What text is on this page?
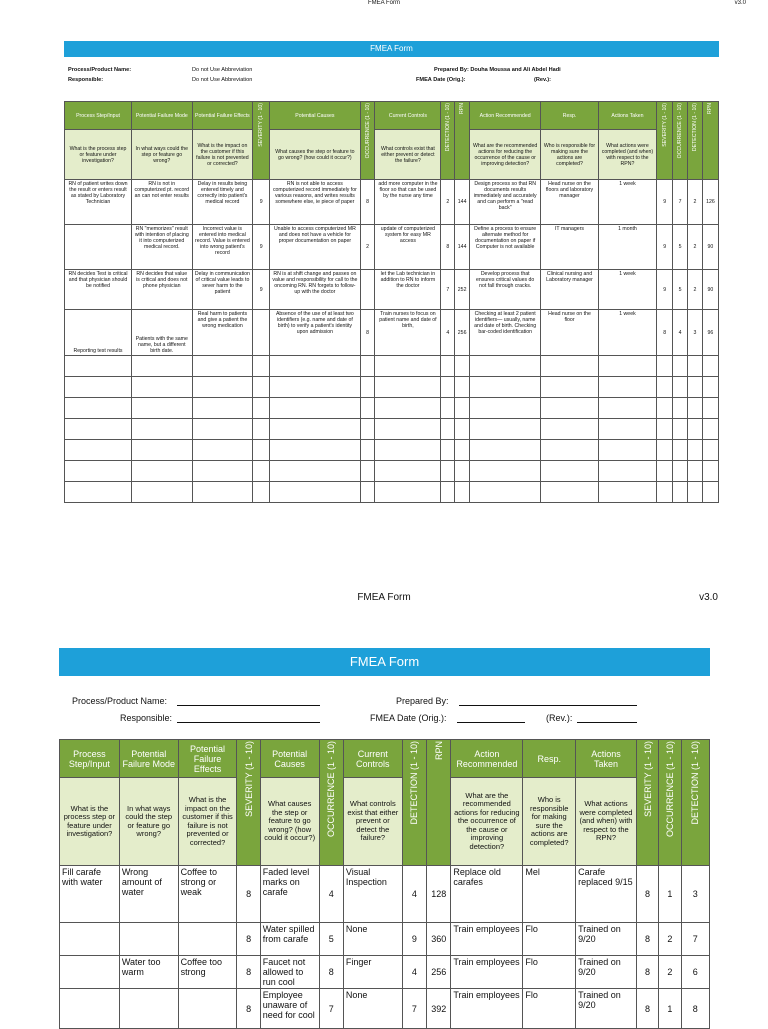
FMEA Form	v3.0
FMEA Form
Process/Product Name:	Do not Use Abbreviation	Prepared By: Douha Moussa and Ali Abdel Hadi
Responsible:	Do not Use Abbreviation	FMEA Date (Orig.):	(Rev.):
Process Step/Input	Potential Failure Mode	Potential Failure Effects	SEVERITY (1 - 10)	Potential Causes	OCCURRENCE (1 - 10)	Current Controls	DETECTION (1 - 10)	RPN	Action Recommended	Resp.	Actions Taken	SEVERITY (1 - 10)	OCCURRENCE (1 - 10)	DETECTION (1 - 10)	RPN

What is the process step or feature under investigation?	In what ways could the step or feature go wrong?	What is the impact on the customer if this failure is not prevented or corrected?		What causes the step or feature to go wrong? (how could it occur?)		What controls exist that either prevent or detect the failure?			What are the recommended actions for reducing the occurrence of the cause or improving detection?	Who is responsible for making sure the actions are completed?	What actions were completed (and when) with respect to the RPN?				
RN of patient writes down the result or enters result as stated by Laboratory Technician	RN is not in computerized pt. record an can not enter results	Delay in results being entered timely and correctly into patient's medical record	9	RN is not able to access computerized record immediately for various reasons, and writes results somewhere else, ie piece of paper	8	add more computer in the floor so that can be used by the nurse any time	2	144	Design process so that RN documents results immediately and accurately and can perform a "read back"	Head nurse on the floors and laboratory manager	1 week	9	7	2	126
	RN "memorizes" result with intention of placing it into computerized medical record.	Incorrect value is entered into medical record. Value is entered into wrong patient's record	9	Unable to access computerized MR and does not have a vehicle for proper documentation on paper	2	update of computerized system for easy MR access	8	144	Define a process to ensure alternate method for documentation on paper if Computer is not available	IT managers	1 month	9	5	2	90
RN decides Test is critical and that physician should be notified	RN decides that value is critical and does not phone physician	Delay in communication of critical value leads to sever harm to the patient	9	RN is at shift change and passes on value and responsibility for call to the oncoming RN. RN forgets to follow-up with the doctor		let the Lab technician in addition to RN to inform the doctor	7	252	Develop process that ensures critical values do not fall through cracks.	Clinical nursing and Laboratory manager	1 week	9	5	2	90
Reporting test results	Patients with the same name, but a different birth date.	Real harm to patients and give a patient the wrong medication		Absence of the use of at least two identifiers (e.g. name and date of birth) to verify a patient's identity upon admission	8	Train nurses to focus on patient name and date of birth,	4	256	Checking at least 2 patient identifiers— usually, name and date of birth. Checking bar-coded identification	Head nurse on the floor	1 week	8	4	3	96

FMEA Form	v3.0
FMEA Form
Process/Product Name:	Prepared By:
Responsible:	FMEA Date (Orig.):	(Rev.):
Process Step/Input	Potential Failure Mode	Potential Failure Effects	SEVERITY (1 - 10)	Potential Causes	OCCURRENCE (1 - 10)	Current Controls	DETECTION (1 - 10)	RPN	Action Recommended	Resp.	Actions Taken	SEVERITY (1 - 10)	OCCURRENCE (1 - 10)	DETECTION (1 - 10)

What is the process step or feature under investigation?	In what ways could the step or feature go wrong?	What is the impact on the customer if this failure is not prevented or corrected?		What causes the step or feature to go wrong? (how could it occur?)		What controls exist that either prevent or detect the failure?			What are the recommended actions for reducing the occurrence of the cause or improving detection?	Who is responsible for making sure the actions are completed?	What actions were completed (and when) with respect to the RPN?			
Fill carafe with water	Wrong amount of water	Coffee to strong or weak	8	Faded level marks on carafe	4	Visual Inspection	4	128	Replace old carafes	Mel	Carafe replaced 9/15	8	1	3
			8	Water spilled from carafe	5	None	9	360	Train employees	Flo	Trained on 9/20	8	2	7
	Water too warm	Coffee too strong	8	Faucet not allowed to run cool	8	Finger	4	256	Train employees	Flo	Trained on 9/20	8	2	6
			8	Employee unaware of need for cool	7	None	7	392	Train employees	Flo	Trained on 9/20	8	1	8
